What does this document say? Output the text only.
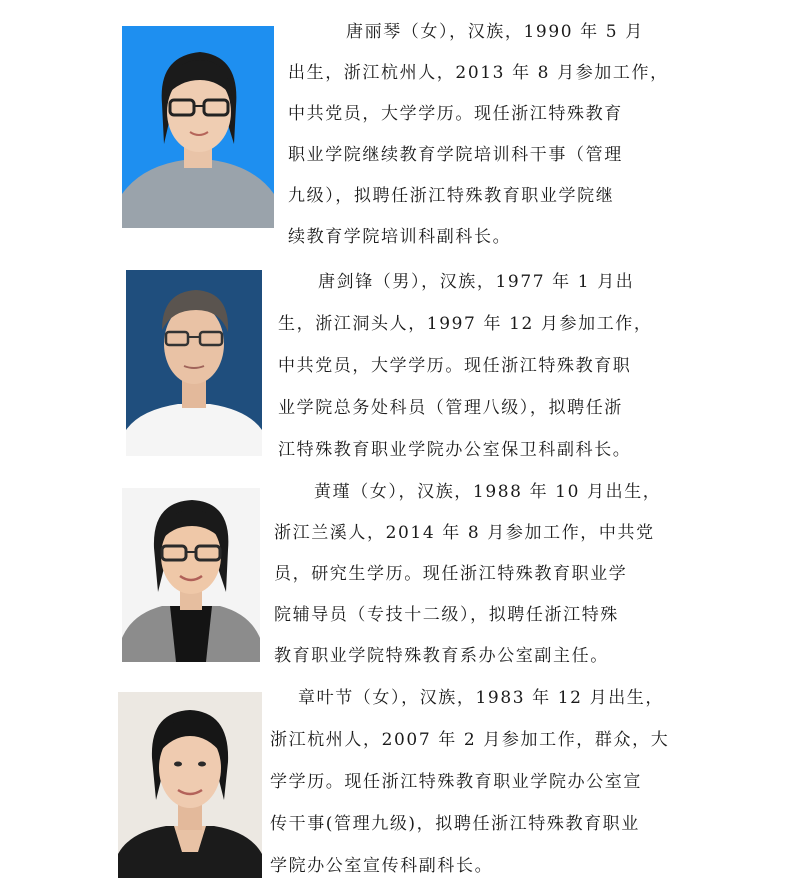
唐丽琴（女），汉族，1990 年 5 月
出生，浙江杭州人，2013 年 8 月参加工作，
中共党员，大学学历。现任浙江特殊教育
职业学院继续教育学院培训科干事（管理
九级），拟聘任浙江特殊教育职业学院继
续教育学院培训科副科长。
唐剑锋（男），汉族，1977 年 1 月出
生，浙江洞头人，1997 年 12 月参加工作，
中共党员，大学学历。现任浙江特殊教育职
业学院总务处科员（管理八级），拟聘任浙
江特殊教育职业学院办公室保卫科副科长。
黄瑾（女），汉族，1988 年 10 月出生，
浙江兰溪人，2014 年 8 月参加工作，中共党
员，研究生学历。现任浙江特殊教育职业学
院辅导员（专技十二级），拟聘任浙江特殊
教育职业学院特殊教育系办公室副主任。
章叶节（女），汉族，1983 年 12 月出生，
浙江杭州人，2007 年 2 月参加工作，群众，大
学学历。现任浙江特殊教育职业学院办公室宣
传干事(管理九级)，拟聘任浙江特殊教育职业
学院办公室宣传科副科长。
